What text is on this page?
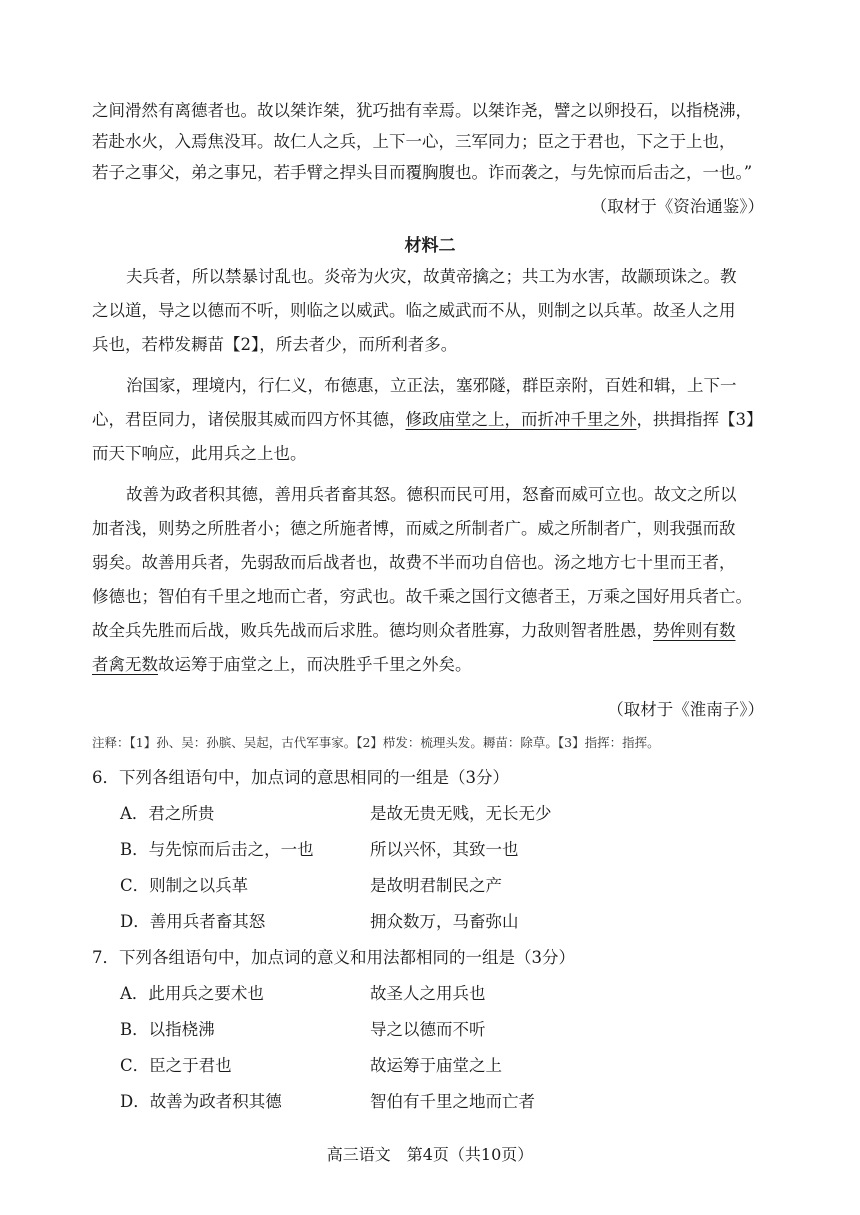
之间滑然有离德者也。故以桀诈桀，犹巧拙有幸焉。以桀诈尧，譬之以卵投石，以指桡沸，
若赴水火，入焉焦没耳。故仁人之兵，上下一心，三军同力；臣之于君也，下之于上也，
若子之事父，弟之事兄，若手臂之捍头目而覆胸腹也。诈而袭之，与先惊而后击之，一也。”
（取材于《资治通鉴》）
材料二
夫兵者，所以禁暴讨乱也。炎帝为火灾，故黄帝擒之；共工为水害，故颛顼诛之。教
之以道，导之以德而不听，则临之以威武。临之威武而不从，则制之以兵革。故圣人之用
兵也，若栉发耨苗【2】，所去者少，而所利者多。
治国家，理境内，行仁义，布德惠，立正法，塞邪隧，群臣亲附，百姓和辑，上下一
心，君臣同力，诸侯服其威而四方怀其德，修政庙堂之上，而折冲千里之外，拱揖指挥【3】
而天下响应，此用兵之上也。
故善为政者积其德，善用兵者畜其怒。德积而民可用，怒畜而威可立也。故文之所以
加者浅，则势之所胜者小；德之所施者博，而威之所制者广。威之所制者广，则我强而敌
弱矣。故善用兵者，先弱敌而后战者也，故费不半而功自倍也。汤之地方七十里而王者，
修德也；智伯有千里之地而亡者，穷武也。故千乘之国行文德者王，万乘之国好用兵者亡。
故全兵先胜而后战，败兵先战而后求胜。德均则众者胜寡，力敌则智者胜愚，势侔则有数
者禽无数故运筹于庙堂之上，而决胜乎千里之外矣。
（取材于《淮南子》）
注释：【1】孙、吴：孙膑、吴起，古代军事家。【2】栉发：梳理头发。耨苗：除草。【3】指挥：指挥。
6．下列各组语句中，加点词的意思相同的一组是（3分）
A．君之所贵	是故无贵无贱，无长无少
B．与先惊而后击之，一也	所以兴怀，其致一也
C．则制之以兵革	是故明君制民之产
D．善用兵者畜其怒	拥众数万，马畜弥山
7．下列各组语句中，加点词的意义和用法都相同的一组是（3分）
A．此用兵之要术也	故圣人之用兵也
B．以指桡沸	导之以德而不听
C．臣之于君也	故运筹于庙堂之上
D．故善为政者积其德	智伯有千里之地而亡者
高三语文　第4页（共10页）
